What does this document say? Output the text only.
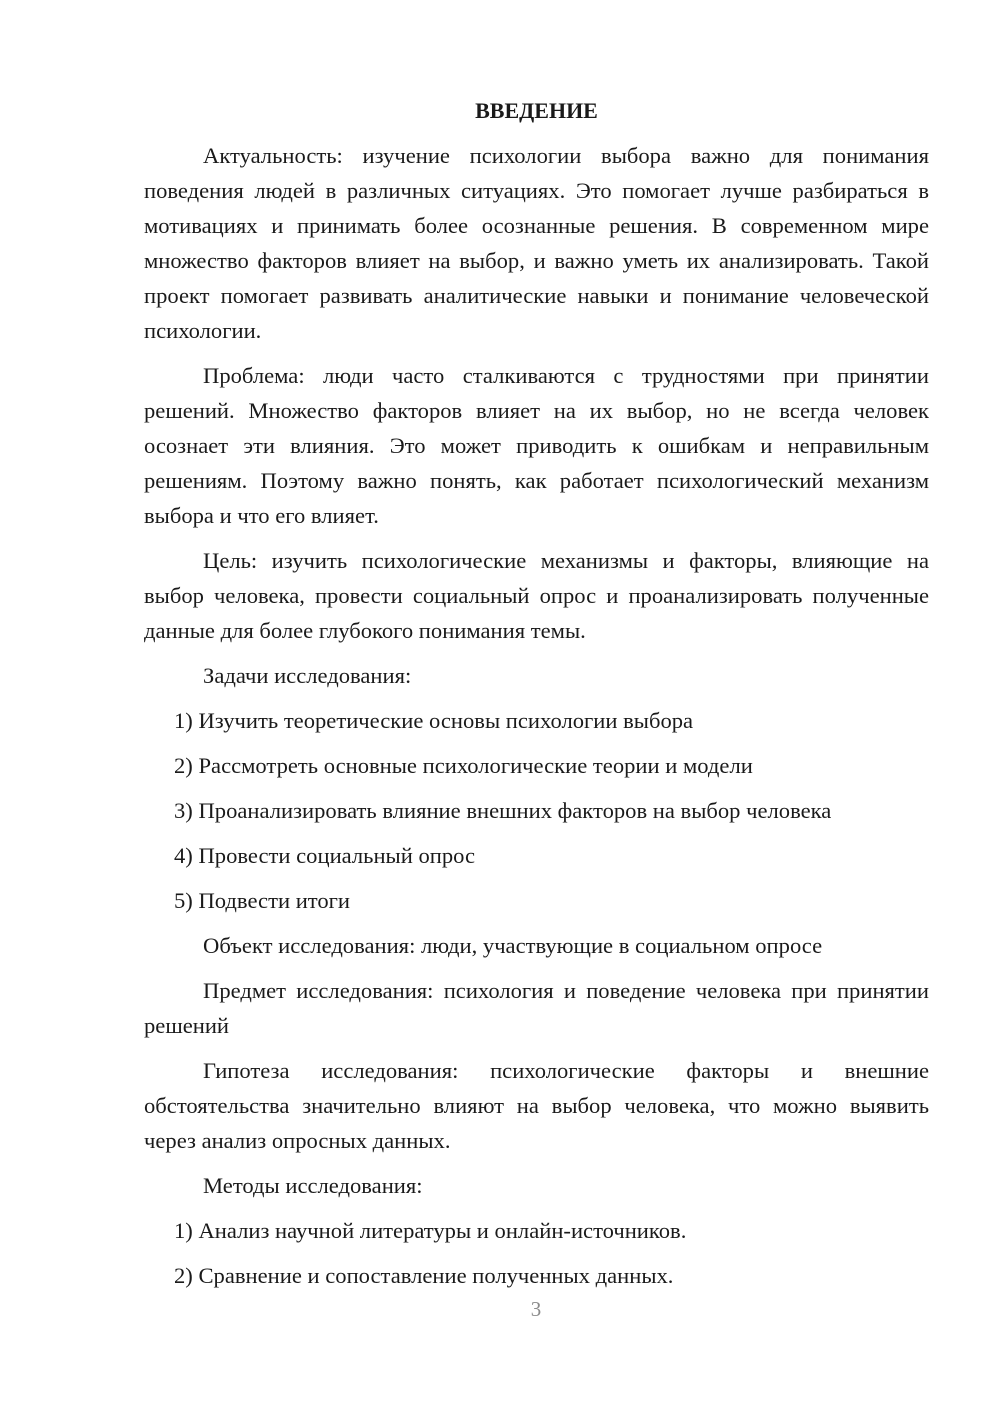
ВВЕДЕНИЕ

Актуальность: изучение психологии выбора важно для понимания поведения людей в различных ситуациях. Это помогает лучше разбираться в мотивациях и принимать более осознанные решения. В современном мире множество факторов влияет на выбор, и важно уметь их анализировать. Такой проект помогает развивать аналитические навыки и понимание человеческой психологии.

Проблема: люди часто сталкиваются с трудностями при принятии решений. Множество факторов влияет на их выбор, но не всегда человек осознает эти влияния. Это может приводить к ошибкам и неправильным решениям. Поэтому важно понять, как работает психологический механизм выбора и что его влияет.

Цель: изучить психологические механизмы и факторы, влияющие на выбор человека, провести социальный опрос и проанализировать полученные данные для более глубокого понимания темы.

Задачи исследования:

1) Изучить теоретические основы психологии выбора

2) Рассмотреть основные психологические теории и модели

3) Проанализировать влияние внешних факторов на выбор человека

4) Провести социальный опрос

5) Подвести итоги

Объект исследования: люди, участвующие в социальном опросе

Предмет исследования: психология и поведение человека при принятии решений

Гипотеза исследования: психологические факторы и внешние обстоятельства значительно влияют на выбор человека, что можно выявить через анализ опросных данных.

Методы исследования:

1) Анализ научной литературы и онлайн-источников.

2) Сравнение и сопоставление полученных данных.

3
